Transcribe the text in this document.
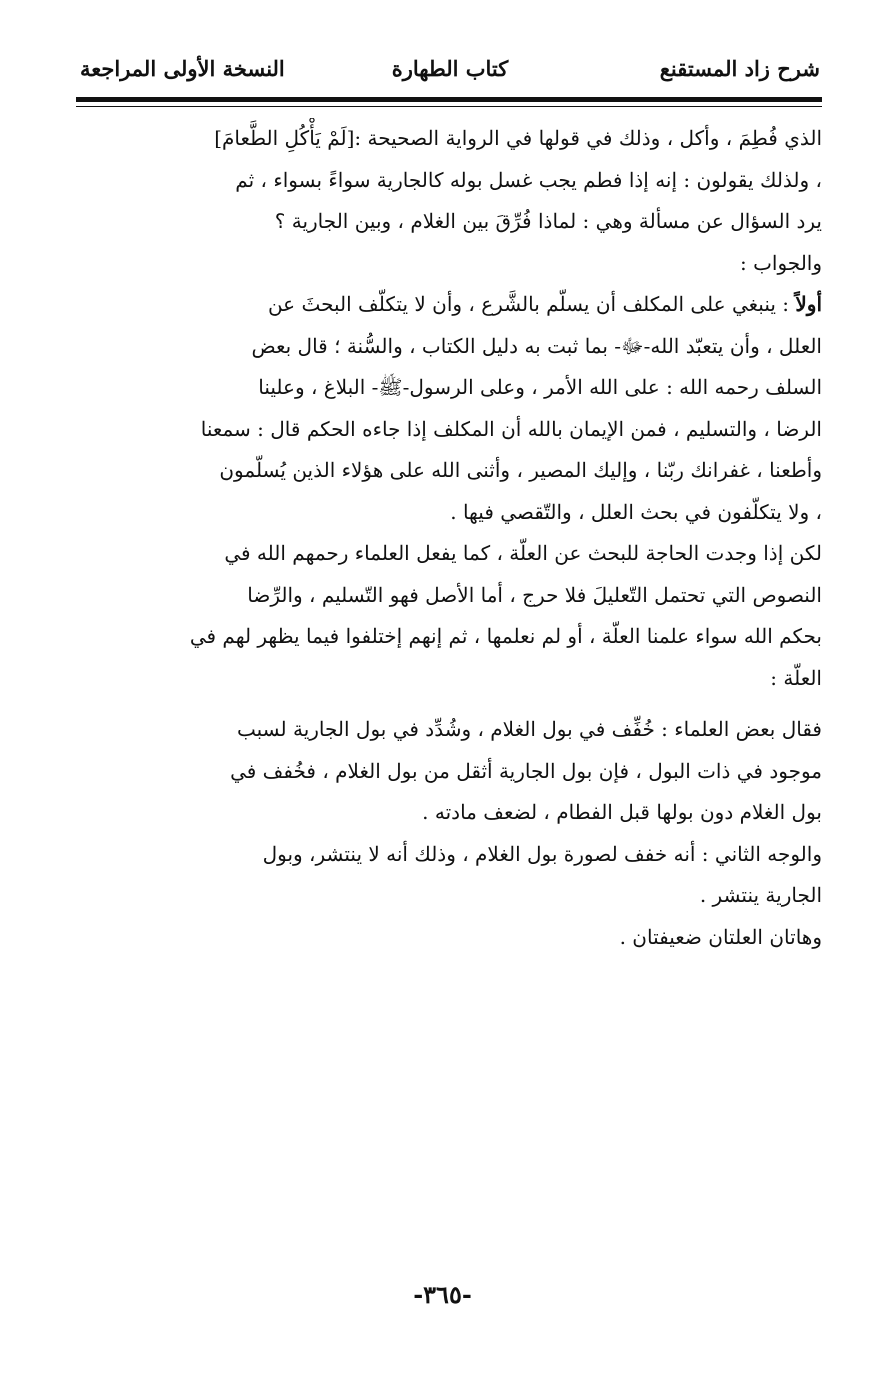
شرح زاد المستقنع
كتاب الطهارة
النسخة الأولى المراجعة
الذي فُطِمَ ، وأكل ، وذلك في قولها في الرواية الصحيحة :[لَمْ يَأْكُلِ الطَّعامَ]
، ولذلك يقولون : إنه إذا فطم يجب غسل بوله كالجارية سواءً بسواء ، ثم
يرد السؤال عن مسألة وهي : لماذا فُرِّقَ بين الغلام ، وبين الجارية ؟
والجواب :
أولاً : ينبغي على المكلف أن يسلّم بالشَّرع ، وأن لا يتكلّف البحثَ عن
العلل ، وأن يتعبّد الله-ﷻ- بما ثبت به دليل الكتاب ، والسُّنة ؛ قال بعض
السلف رحمه الله : على الله الأمر ، وعلى الرسول-ﷺ- البلاغ ، وعلينا
الرضا ، والتسليم ، فمن الإيمان بالله أن المكلف إذا جاءه الحكم قال : سمعنا
وأطعنا ، غفرانك ربّنا ، وإليك المصير ، وأثنى الله على هؤلاء الذين يُسلّمون
، ولا يتكلّفون في بحث العلل ، والتّقصي فيها .
لكن إذا وجدت الحاجة للبحث عن العلّة ، كما يفعل العلماء رحمهم الله في
النصوص التي تحتمل التّعليلَ فلا حرج ، أما الأصل فهو التّسليم ، والرِّضا
بحكم الله سواء علمنا العلّة ، أو لم نعلمها ، ثم إنهم إختلفوا فيما يظهر لهم في
العلّة :
فقال بعض العلماء : خُفِّف في بول الغلام ، وشُدِّد في بول الجارية لسبب
موجود في ذات البول ، فإن بول الجارية أثقل من بول الغلام ، فخُفف في
بول الغلام دون بولها قبل الفطام ، لضعف مادته .
والوجه الثاني : أنه خفف لصورة بول الغلام ، وذلك أنه لا ينتشر، وبول
الجارية ينتشر .
وهاتان العلتان ضعيفتان .
-٣٦٥-
